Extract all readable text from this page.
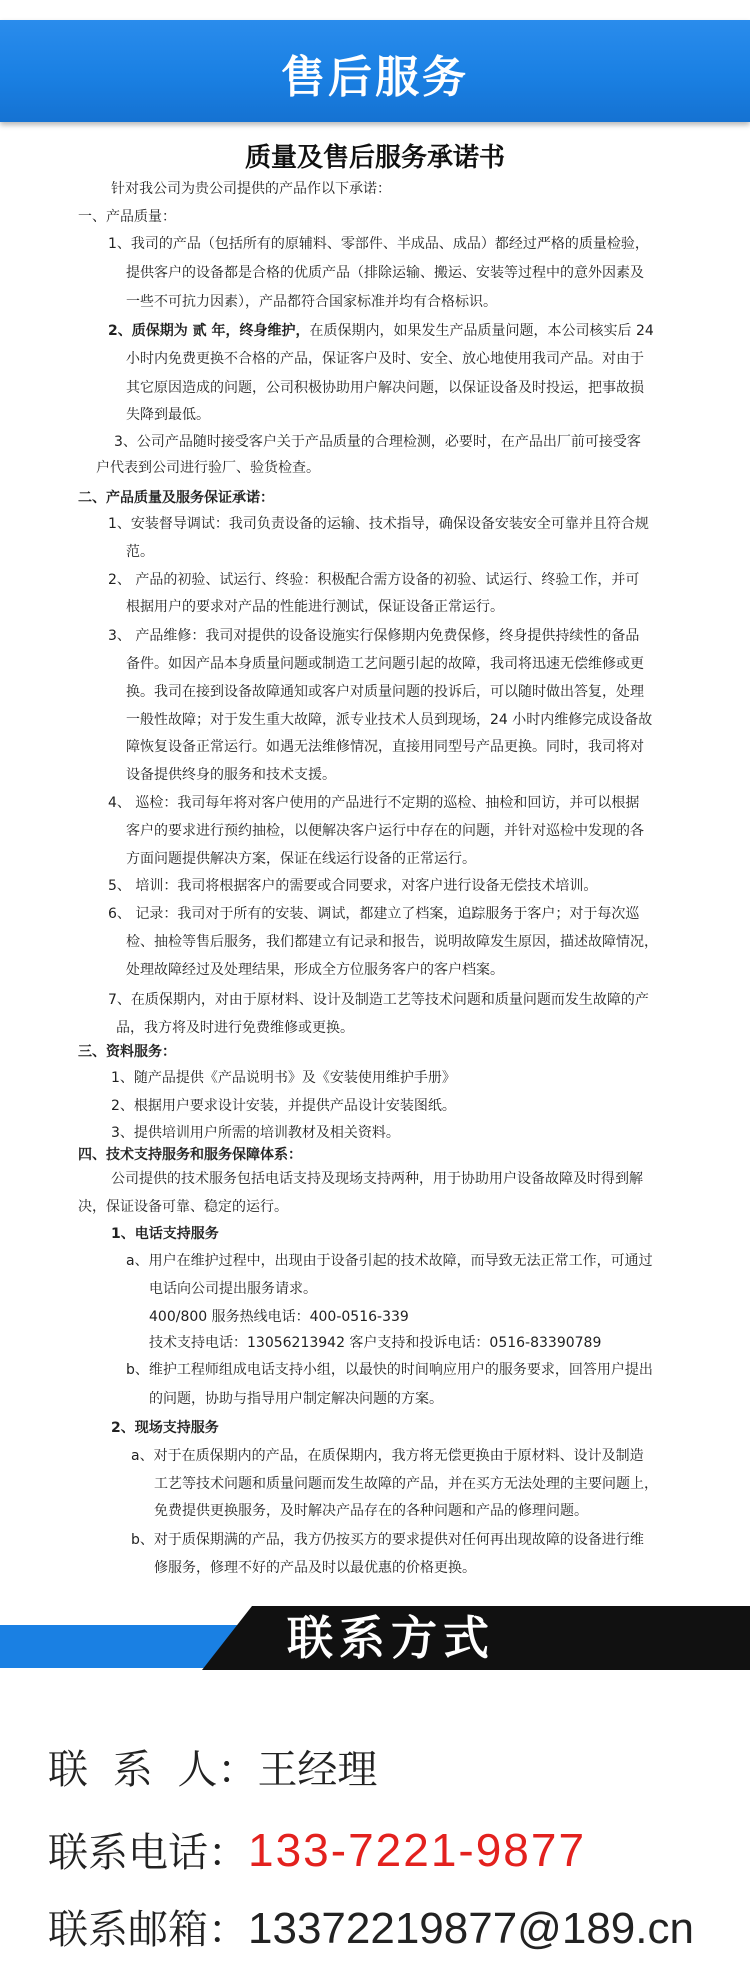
售后服务
质量及售后服务承诺书
针对我公司为贵公司提供的产品作以下承诺：
一、产品质量：
1、我司的产品（包括所有的原辅料、零部件、半成品、成品）都经过严格的质量检验，
提供客户的设备都是合格的优质产品（排除运输、搬运、安装等过程中的意外因素及
一些不可抗力因素），产品都符合国家标准并均有合格标识。
2、质保期为 贰 年，终身维护，在质保期内，如果发生产品质量问题，本公司核实后 24
小时内免费更换不合格的产品，保证客户及时、安全、放心地使用我司产品。对由于
其它原因造成的问题，公司积极协助用户解决问题，以保证设备及时投运，把事故损
失降到最低。
3、公司产品随时接受客户关于产品质量的合理检测，必要时，在产品出厂前可接受客
户代表到公司进行验厂、验货检查。
二、产品质量及服务保证承诺：
1、安装督导调试：我司负责设备的运输、技术指导，确保设备安装安全可靠并且符合规
范。
2、 产品的初验、试运行、终验：积极配合需方设备的初验、试运行、终验工作，并可
根据用户的要求对产品的性能进行测试，保证设备正常运行。
3、 产品维修：我司对提供的设备设施实行保修期内免费保修，终身提供持续性的备品
备件。如因产品本身质量问题或制造工艺问题引起的故障，我司将迅速无偿维修或更
换。我司在接到设备故障通知或客户对质量问题的投诉后，可以随时做出答复，处理
一般性故障；对于发生重大故障，派专业技术人员到现场，24 小时内维修完成设备故
障恢复设备正常运行。如遇无法维修情况，直接用同型号产品更换。同时，我司将对
设备提供终身的服务和技术支援。
4、 巡检：我司每年将对客户使用的产品进行不定期的巡检、抽检和回访，并可以根据
客户的要求进行预约抽检，以便解决客户运行中存在的问题，并针对巡检中发现的各
方面问题提供解决方案，保证在线运行设备的正常运行。
5、 培训：我司将根据客户的需要或合同要求，对客户进行设备无偿技术培训。
6、 记录：我司对于所有的安装、调试，都建立了档案，追踪服务于客户；对于每次巡
检、抽检等售后服务，我们都建立有记录和报告，说明故障发生原因，描述故障情况，
处理故障经过及处理结果，形成全方位服务客户的客户档案。
7、在质保期内，对由于原材料、设计及制造工艺等技术问题和质量问题而发生故障的产
品，我方将及时进行免费维修或更换。
三、资料服务：
1、随产品提供《产品说明书》及《安装使用维护手册》
2、根据用户要求设计安装，并提供产品设计安装图纸。
3、提供培训用户所需的培训教材及相关资料。
四、技术支持服务和服务保障体系：
公司提供的技术服务包括电话支持及现场支持两种，用于协助用户设备故障及时得到解
决，保证设备可靠、稳定的运行。
1、电话支持服务
a、用户在维护过程中，出现由于设备引起的技术故障，而导致无法正常工作，可通过
电话向公司提出服务请求。
400/800 服务热线电话：400-0516-339
技术支持电话：13056213942 客户支持和投诉电话：0516-83390789
b、维护工程师组成电话支持小组，以最快的时间响应用户的服务要求，回答用户提出
的问题，协助与指导用户制定解决问题的方案。
2、现场支持服务
a、对于在质保期内的产品，在质保期内，我方将无偿更换由于原材料、设计及制造
工艺等技术问题和质量问题而发生故障的产品，并在买方无法处理的主要问题上，
免费提供更换服务，及时解决产品存在的各种问题和产品的修理问题。
b、对于质保期满的产品，我方仍按买方的要求提供对任何再出现故障的设备进行维
修服务，修理不好的产品及时以最优惠的价格更换。
联系方式
联 系 人：王经理
联系电话：133-7221-9877
联系邮箱：13372219877@189.cn
